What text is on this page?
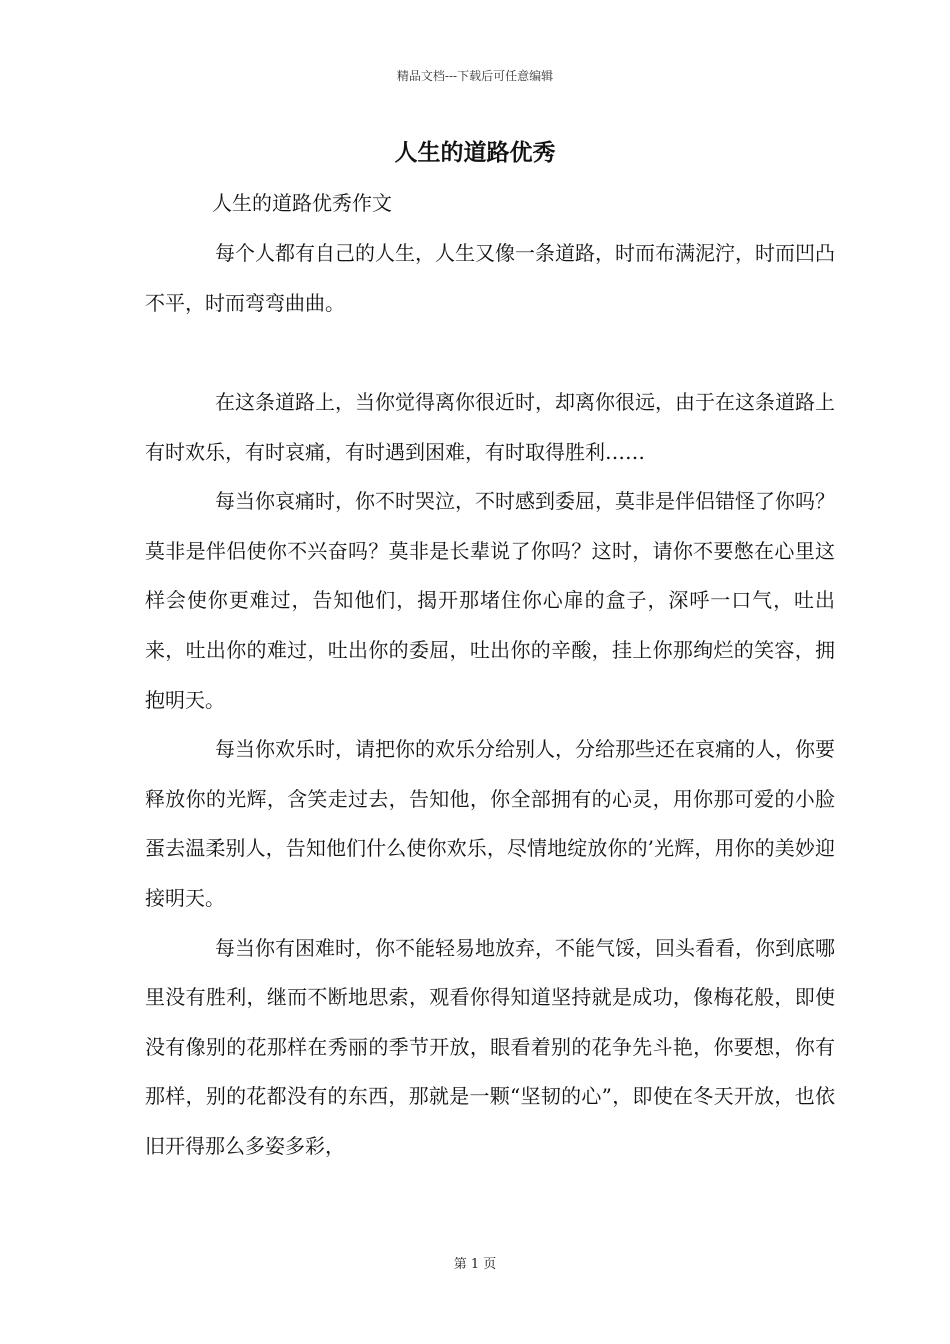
精品文档---下载后可任意编辑
人生的道路优秀
人生的道路优秀作文

每个人都有自己的人生，人生又像一条道路，时而布满泥泞，时而凹凸不平，时而弯弯曲曲。

在这条道路上，当你觉得离你很近时，却离你很远，由于在这条道路上有时欢乐，有时哀痛，有时遇到困难，有时取得胜利……

每当你哀痛时，你不时哭泣，不时感到委屈，莫非是伴侣错怪了你吗？莫非是伴侣使你不兴奋吗？莫非是长辈说了你吗？这时，请你不要憋在心里这样会使你更难过，告知他们，揭开那堵住你心扉的盒子，深呼一口气，吐出来，吐出你的难过，吐出你的委屈，吐出你的辛酸，挂上你那绚烂的笑容，拥抱明天。

每当你欢乐时，请把你的欢乐分给别人，分给那些还在哀痛的人，你要释放你的光辉，含笑走过去，告知他，你全部拥有的心灵，用你那可爱的小脸蛋去温柔别人，告知他们什么使你欢乐，尽情地绽放你的’光辉，用你的美妙迎接明天。

每当你有困难时，你不能轻易地放弃，不能气馁，回头看看，你到底哪里没有胜利，继而不断地思索，观看你得知道坚持就是成功，像梅花般，即使没有像别的花那样在秀丽的季节开放，眼看着别的花争先斗艳，你要想，你有那样，别的花都没有的东西，那就是一颗“坚韧的心”，即使在冬天开放，也依旧开得那么多姿多彩，

第 1 页
